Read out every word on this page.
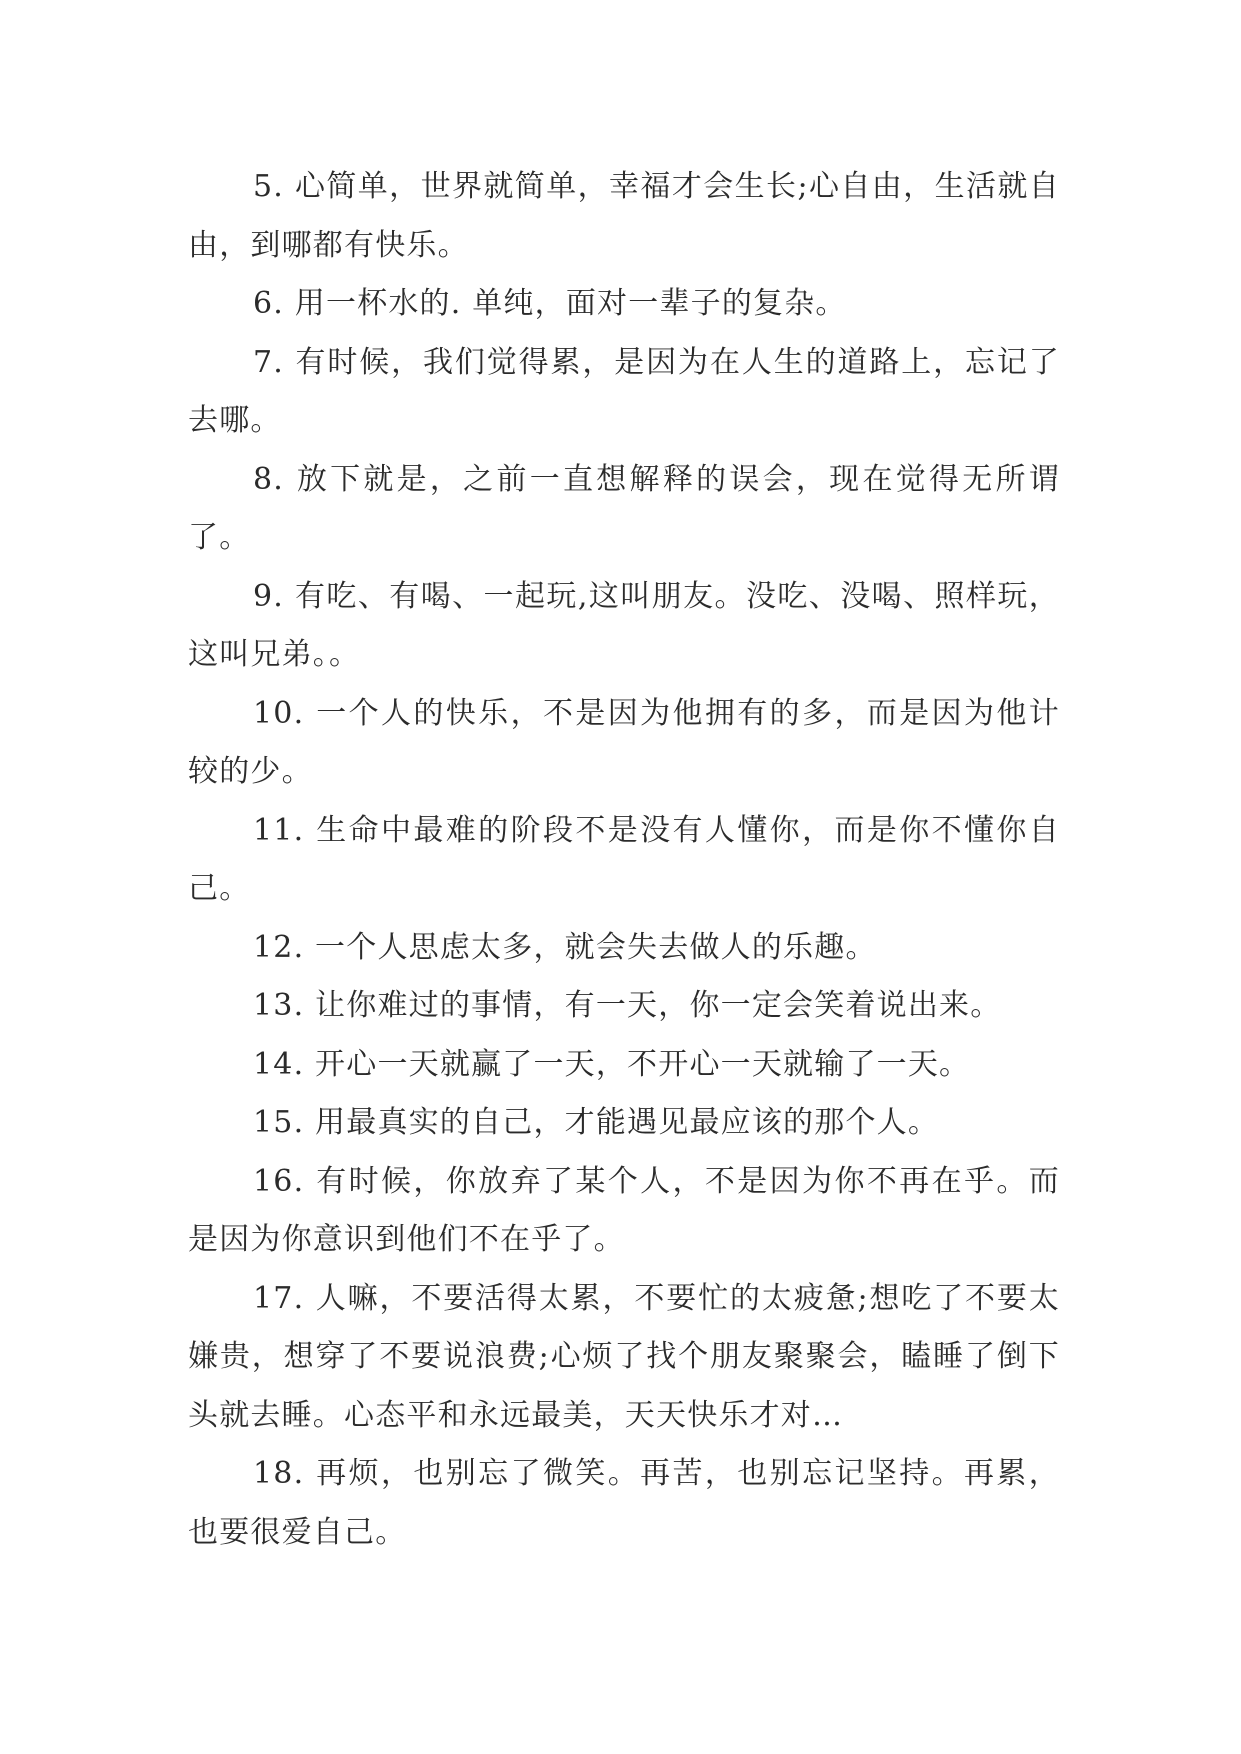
5. 心简单，世界就简单，幸福才会生长;心自由，生活就自由，到哪都有快乐。

6. 用一杯水的. 单纯，面对一辈子的复杂。

7. 有时候，我们觉得累，是因为在人生的道路上，忘记了去哪。

8. 放下就是，之前一直想解释的误会，现在觉得无所谓了。

9. 有吃、有喝、一起玩,这叫朋友。没吃、没喝、照样玩，这叫兄弟。。

10. 一个人的快乐，不是因为他拥有的多，而是因为他计较的少。

11. 生命中最难的阶段不是没有人懂你，而是你不懂你自己。

12. 一个人思虑太多，就会失去做人的乐趣。

13. 让你难过的事情，有一天，你一定会笑着说出来。

14. 开心一天就赢了一天，不开心一天就输了一天。

15. 用最真实的自己，才能遇见最应该的那个人。

16. 有时候，你放弃了某个人，不是因为你不再在乎。而是因为你意识到他们不在乎了。

17. 人嘛，不要活得太累，不要忙的太疲惫;想吃了不要太嫌贵，想穿了不要说浪费;心烦了找个朋友聚聚会，瞌睡了倒下头就去睡。心态平和永远最美，天天快乐才对…

18. 再烦，也别忘了微笑。再苦，也别忘记坚持。再累，也要很爱自己。
